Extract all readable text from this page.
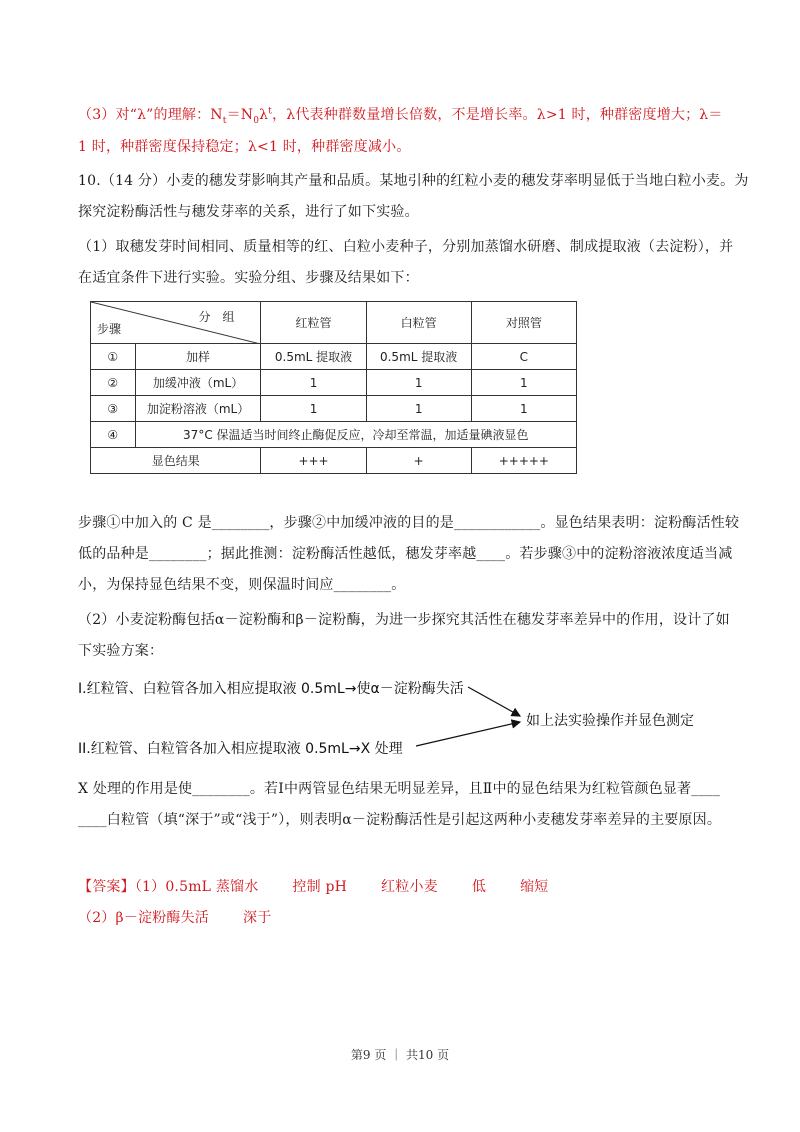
（3）对“λ”的理解：$N_t=N_0\lambda^t$，λ代表种群数量增长倍数，不是增长率。λ>1 时，种群密度增大；λ＝
1 时，种群密度保持稳定；λ<1 时，种群密度减小。
10.（14 分）小麦的穗发芽影响其产量和品质。某地引种的红粒小麦的穗发芽率明显低于当地白粒小麦。为
探究淀粉酶活性与穗发芽率的关系，进行了如下实验。
（1）取穗发芽时间相同、质量相等的红、白粒小麦种子，分别加蒸馏水研磨、制成提取液（去淀粉），并
在适宜条件下进行实验。实验分组、步骤及结果如下：
分　组
步骤		红粒管	白粒管	对照管
①	加样	0.5mL 提取液	0.5mL 提取液	C
②	加缓冲液（mL）	1	1	1
③	加淀粉溶液（mL）	1	1	1
④	37°C 保温适当时间终止酶促反应，冷却至常温，加适量碘液显色			
显色结果		+++	+	+++++
步骤①中加入的 C 是________，步骤②中加缓冲液的目的是____________。显色结果表明：淀粉酶活性较
低的品种是________；据此推测：淀粉酶活性越低，穗发芽率越____。若步骤③中的淀粉溶液浓度适当减
小，为保持显色结果不变，则保温时间应________。
（2）小麦淀粉酶包括α－淀粉酶和β－淀粉酶，为进一步探究其活性在穗发芽率差异中的作用，设计了如
下实验方案：
I.红粒管、白粒管各加入相应提取液 0.5mL→使α－淀粉酶失活
II.红粒管、白粒管各加入相应提取液 0.5mL→X 处理
如上法实验操作并显色测定
X 处理的作用是使________。若Ⅰ中两管显色结果无明显差异，且Ⅱ中的显色结果为红粒管颜色显著____
____白粒管（填“深于”或“浅于”），则表明α－淀粉酶活性是引起这两种小麦穗发芽率差异的主要原因。
【答案】（1）0.5mL 蒸馏水 控制 pH 红粒小麦 低 缩短
（2）β－淀粉酶失活 深于
第9 页 ｜ 共10 页
